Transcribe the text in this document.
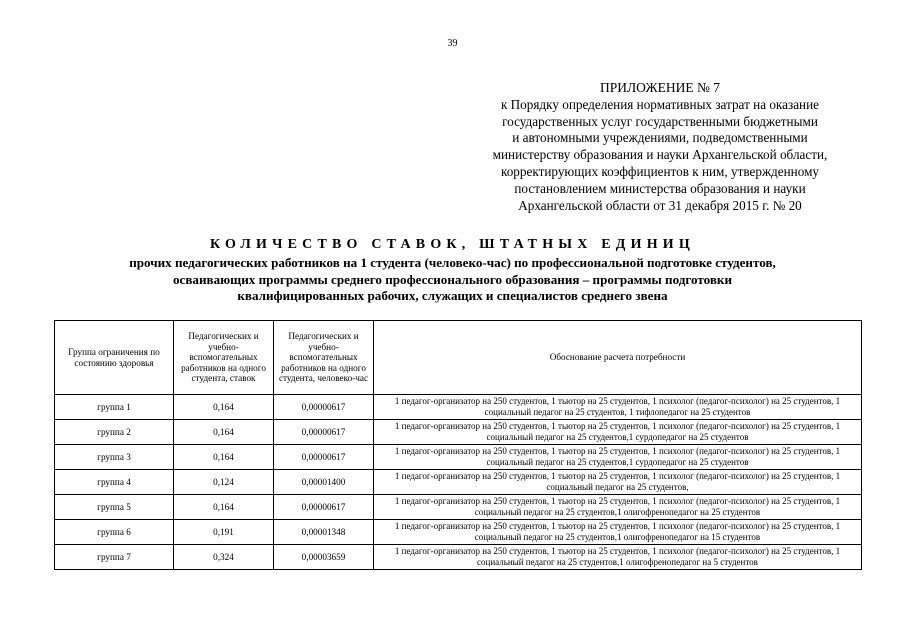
39
ПРИЛОЖЕНИЕ № 7
к Порядку определения нормативных затрат на оказание
государственных услуг государственными бюджетными
и автономными учреждениями, подведомственными
министерству образования и науки Архангельской области,
корректирующих коэффициентов к ним, утвержденному
постановлением министерства образования и науки
Архангельской области от 31 декабря 2015 г. № 20
КОЛИЧЕСТВО СТАВОК, ШТАТНЫХ ЕДИНИЦ
прочих педагогических работников на 1 студента (человеко-час) по профессиональной подготовке студентов,
осваивающих программы среднего профессионального образования – программы подготовки
квалифицированных рабочих, служащих и специалистов среднего звена
Группа ограничения по состоянию здоровья	Педагогических и учебно-вспомогательных работников на одного студента, ставок	Педагогических и учебно-вспомогательных работников на одного студента, человеко-час	Обоснование расчета потребности
группа 1	0,164	0,00000617	1 педагог-организатор на 250 студентов, 1 тьютор на 25 студентов, 1 психолог (педагог-психолог) на 25 студентов, 1 социальный педагог на 25 студентов, 1 тифлопедагог на 25 студентов
группа 2	0,164	0,00000617	1 педагог-организатор на 250 студентов, 1 тьютор на 25 студентов, 1 психолог (педагог-психолог) на 25 студентов, 1 социальный педагог на 25 студентов,1 сурдопедагог на 25 студентов
группа 3	0,164	0,00000617	1 педагог-организатор на 250 студентов, 1 тьютор на 25 студентов, 1 психолог (педагог-психолог) на 25 студентов, 1 социальный педагог на 25 студентов,1 сурдопедагог на 25 студентов
группа 4	0,124	0,00001400	1 педагог-организатор на 250 студентов, 1 тьютор на 25 студентов, 1 психолог (педагог-психолог) на 25 студентов, 1 социальный педагог на 25 студентов,
группа 5	0,164	0,00000617	1 педагог-организатор на 250 студентов, 1 тьютор на 25 студентов, 1 психолог (педагог-психолог) на 25 студентов, 1 социальный педагог на 25 студентов,1 олигофренопедагог на 25 студентов
группа 6	0,191	0,00001348	1 педагог-организатор на 250 студентов, 1 тьютор на 25 студентов, 1 психолог (педагог-психолог) на 25 студентов, 1 социальный педагог на 25 студентов,1 олигофренопедагог на 15 студентов
группа 7	0,324	0,00003659	1 педагог-организатор на 250 студентов, 1 тьютор на 25 студентов, 1 психолог (педагог-психолог) на 25 студентов, 1 социальный педагог на 25 студентов,1 олигофренопедагог на 5 студентов
